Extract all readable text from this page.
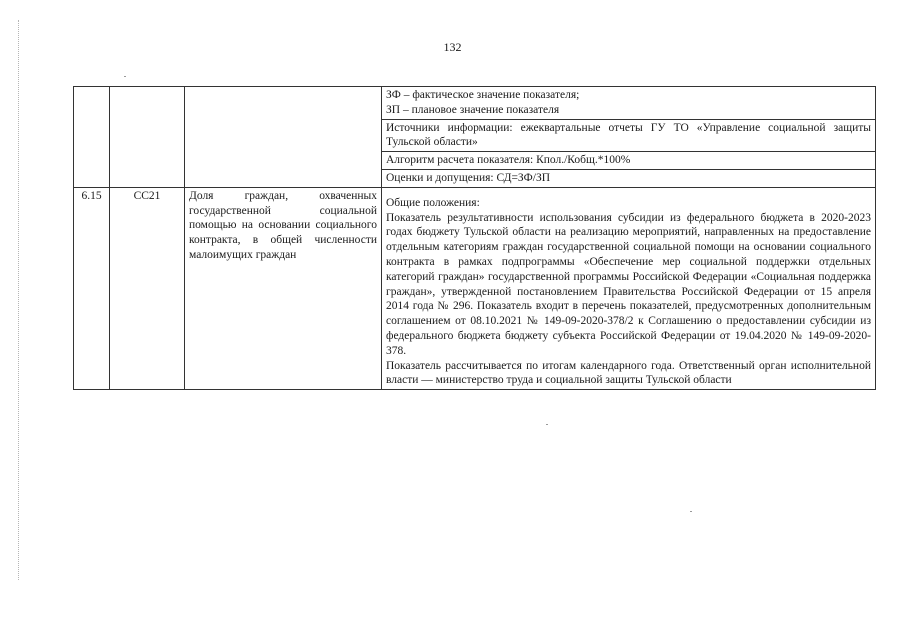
132

			ЗФ – фактическое значение показателя;
ЗП – плановое значение показателя

			Источники информации: ежеквартальные отчеты ГУ ТО «Управление социальной защиты Тульской области»
			Алгоритм расчета показателя: Кпол./Кобщ.*100%
			Оценки и допущения: СД=ЗФ/ЗП
6.15	СС21	Доля граждан, охваченных государственной социальной помощью на основании социального контракта, в общей численности малоимущих граждан	Общие положения:
Показатель результативности использования субсидии из федерального бюджета в 2020-2023 годах бюджету Тульской области на реализацию мероприятий, направленных на предоставление отдельным категориям граждан государственной социальной помощи на основании социального контракта в рамках подпрограммы «Обеспечение мер социальной поддержки отдельных категорий граждан» государственной программы Российской Федерации «Социальная поддержка граждан», утвержденной постановлением Правительства Российской Федерации от 15 апреля 2014 года № 296. Показатель входит в перечень показателей, предусмотренных дополнительным соглашением от 08.10.2021 № 149-09-2020-378/2 к Соглашению о предоставлении субсидии из федерального бюджета бюджету субъекта Российской Федерации от 19.04.2020 № 149-09-2020-378.
Показатель рассчитывается по итогам календарного года. Ответственный орган исполнительной власти — министерство труда и социальной защиты Тульской области
